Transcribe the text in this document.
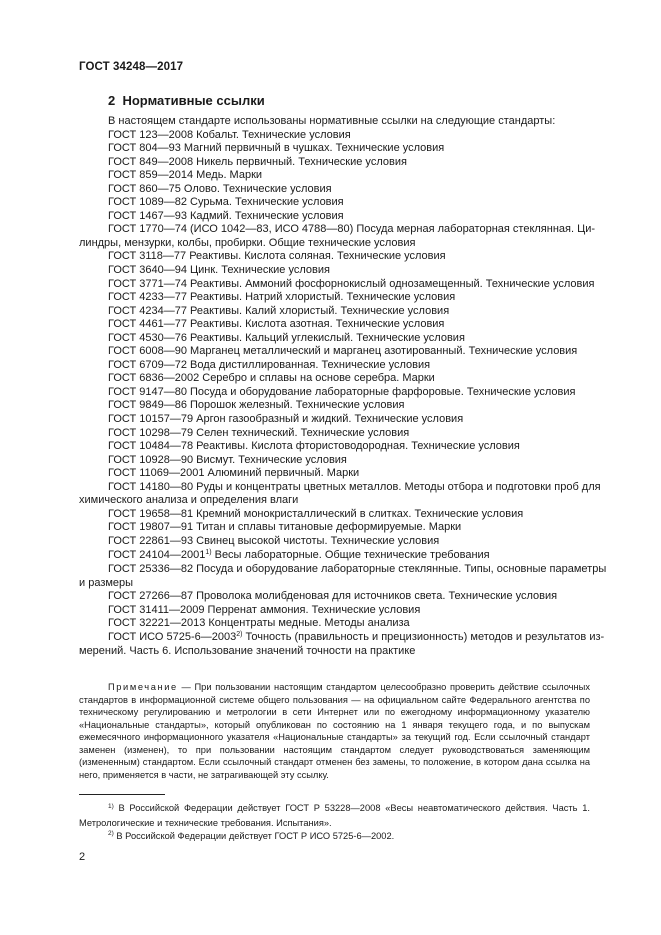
ГОСТ 34248—2017
2 Нормативные ссылки
В настоящем стандарте использованы нормативные ссылки на следующие стандарты:
ГОСТ 123—2008 Кобальт. Технические условия
ГОСТ 804—93 Магний первичный в чушках. Технические условия
ГОСТ 849—2008 Никель первичный. Технические условия
ГОСТ 859—2014 Медь. Марки
ГОСТ 860—75 Олово. Технические условия
ГОСТ 1089—82 Сурьма. Технические условия
ГОСТ 1467—93 Кадмий. Технические условия
ГОСТ 1770—74 (ИСО 1042—83, ИСО 4788—80) Посуда мерная лабораторная стеклянная. Ци-
линдры, мензурки, колбы, пробирки. Общие технические условия
ГОСТ 3118—77 Реактивы. Кислота соляная. Технические условия
ГОСТ 3640—94 Цинк. Технические условия
ГОСТ 3771—74 Реактивы. Аммоний фосфорнокислый однозамещенный. Технические условия
ГОСТ 4233—77 Реактивы. Натрий хлористый. Технические условия
ГОСТ 4234—77 Реактивы. Калий хлористый. Технические условия
ГОСТ 4461—77 Реактивы. Кислота азотная. Технические условия
ГОСТ 4530—76 Реактивы. Кальций углекислый. Технические условия
ГОСТ 6008—90 Марганец металлический и марганец азотированный. Технические условия
ГОСТ 6709—72 Вода дистиллированная. Технические условия
ГОСТ 6836—2002 Серебро и сплавы на основе серебра. Марки
ГОСТ 9147—80 Посуда и оборудование лабораторные фарфоровые. Технические условия
ГОСТ 9849—86 Порошок железный. Технические условия
ГОСТ 10157—79 Аргон газообразный и жидкий. Технические условия
ГОСТ 10298—79 Селен технический. Технические условия
ГОСТ 10484—78 Реактивы. Кислота фтористоводородная. Технические условия
ГОСТ 10928—90 Висмут. Технические условия
ГОСТ 11069—2001 Алюминий первичный. Марки
ГОСТ 14180—80 Руды и концентраты цветных металлов. Методы отбора и подготовки проб для
химического анализа и определения влаги
ГОСТ 19658—81 Кремний монокристаллический в слитках. Технические условия
ГОСТ 19807—91 Титан и сплавы титановые деформируемые. Марки
ГОСТ 22861—93 Свинец высокой чистоты. Технические условия
ГОСТ 24104—2001$^{1)}$ Весы лабораторные. Общие технические требования
ГОСТ 25336—82 Посуда и оборудование лабораторные стеклянные. Типы, основные параметры
и размеры
ГОСТ 27266—87 Проволока молибденовая для источников света. Технические условия
ГОСТ 31411—2009 Перренат аммония. Технические условия
ГОСТ 32221—2013 Концентраты медные. Методы анализа
ГОСТ ИСО 5725-6—2003$^{2)}$ Точность (правильность и прецизионность) методов и результатов из-
мерений. Часть 6. Использование значений точности на практике
Примечание — При пользовании настоящим стандартом целесообразно проверить действие ссылочных стандартов в информационной системе общего пользования — на официальном сайте Федерального агентства по техническому регулированию и метрологии в сети Интернет или по ежегодному информационному указателю «Национальные стандарты», который опубликован по состоянию на 1 января текущего года, и по выпускам ежемесячного информационного указателя «Национальные стандарты» за текущий год. Если ссылочный стандарт заменен (изменен), то при пользовании настоящим стандартом следует руководствоваться заменяющим (измененным) стандартом. Если ссылочный стандарт отменен без замены, то положение, в котором дана ссылка на него, применяется в части, не затрагивающей эту ссылку.
$^{1)}$ В Российской Федерации действует ГОСТ Р 53228—2008 «Весы неавтоматического действия. Часть 1. Метрологические и технические требования. Испытания».
$^{2)}$ В Российской Федерации действует ГОСТ Р ИСО 5725-6—2002.
2
